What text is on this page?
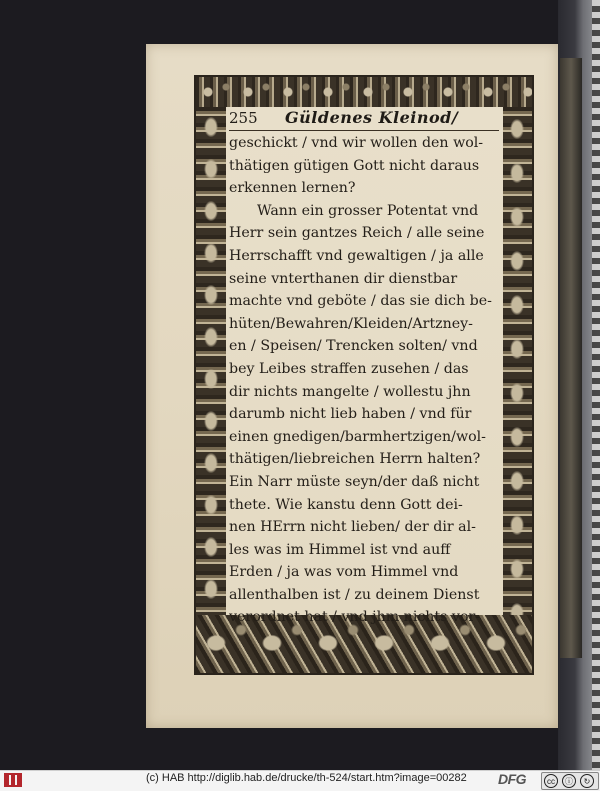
255 Güldenes Kleinod/
geschickt / vnd wir wollen den wol-
thätigen gütigen Gott nicht daraus
erkennen lernen?
Wann ein grosser Potentat vnd
Herr sein gantzes Reich / alle seine
Herrschafft vnd gewaltigen / ja alle
seine vnterthanen dir dienstbar
machte vnd geböte / das sie dich be-
hüten/Bewahren/Kleiden/Artzney-
en / Speisen/ Trencken solten/ vnd
bey Leibes straffen zusehen / das
dir nichts mangelte / wollestu jhn
darumb nicht lieb haben / vnd für
einen gnedigen/barmhertzigen/wol-
thätigen/liebreichen Herrn halten?
Ein Narr müste seyn/der daß nicht
thete. Wie kanstu denn Gott dei-
nen HErrn nicht lieben/ der dir al-
les was im Himmel ist vnd auff
Erden / ja was vom Himmel vnd
allenthalben ist / zu deinem Dienst
verordnet hat / vnd jhm nichts vor-
(c) HAB http://diglib.hab.de/drucke/th-524/start.htm?image=00282 DFG	cc	ⓘ	↻
